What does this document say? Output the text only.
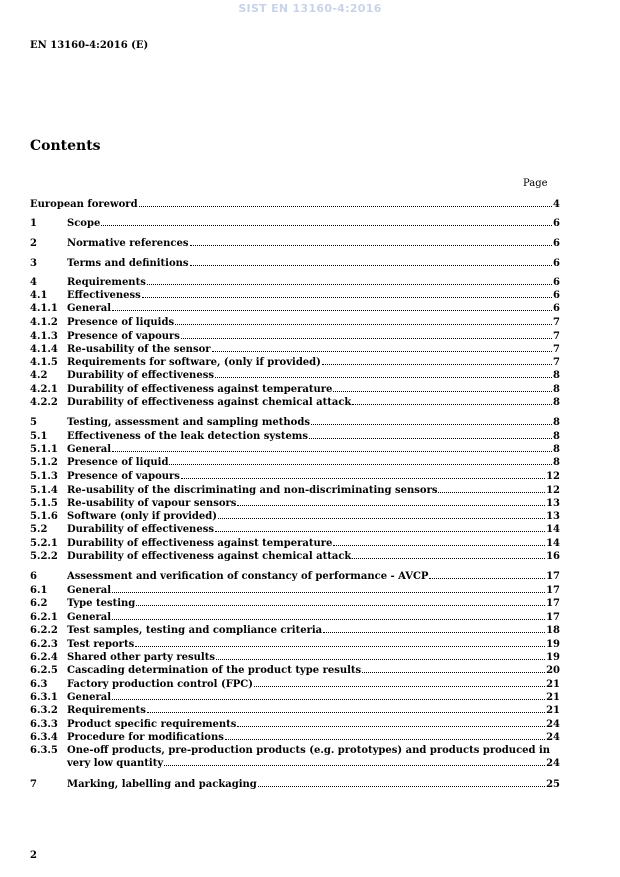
SIST EN 13160-4:2016
EN 13160-4:2016 (E)
Contents
Page
European foreword	4
1	Scope	6
2	Normative references	6
3	Terms and definitions	6
4	Requirements	6
4.1	Effectiveness	6
4.1.1 General	6
4.1.2 Presence of liquids	7
4.1.3 Presence of vapours	7
4.1.4 Re-usability of the sensor	7
4.1.5 Requirements for software, (only if provided)	7
4.2	Durability of effectiveness	8
4.2.1 Durability of effectiveness against temperature	8
4.2.2 Durability of effectiveness against chemical attack	8
5	Testing, assessment and sampling methods	8
5.1	Effectiveness of the leak detection systems	8
5.1.1 General	8
5.1.2 Presence of liquid	8
5.1.3 Presence of vapours	12
5.1.4 Re-usability of the discriminating and non-discriminating sensors	12
5.1.5 Re-usability of vapour sensors	13
5.1.6 Software (only if provided)	13
5.2	Durability of effectiveness	14
5.2.1 Durability of effectiveness against temperature	14
5.2.2 Durability of effectiveness against chemical attack	16
6	Assessment and verification of constancy of performance - AVCP	17
6.1	General	17
6.2	Type testing	17
6.2.1 General	17
6.2.2 Test samples, testing and compliance criteria	18
6.2.3 Test reports	19
6.2.4 Shared other party results	19
6.2.5 Cascading determination of the product type results	20
6.3	Factory production control (FPC)	21
6.3.1 General	21
6.3.2 Requirements	21
6.3.3 Product specific requirements	24
6.3.4 Procedure for modifications	24
6.3.5 One-off products, pre-production products (e.g. prototypes) and products produced in
very low quantity	24
7	Marking, labelling and packaging	25
2
